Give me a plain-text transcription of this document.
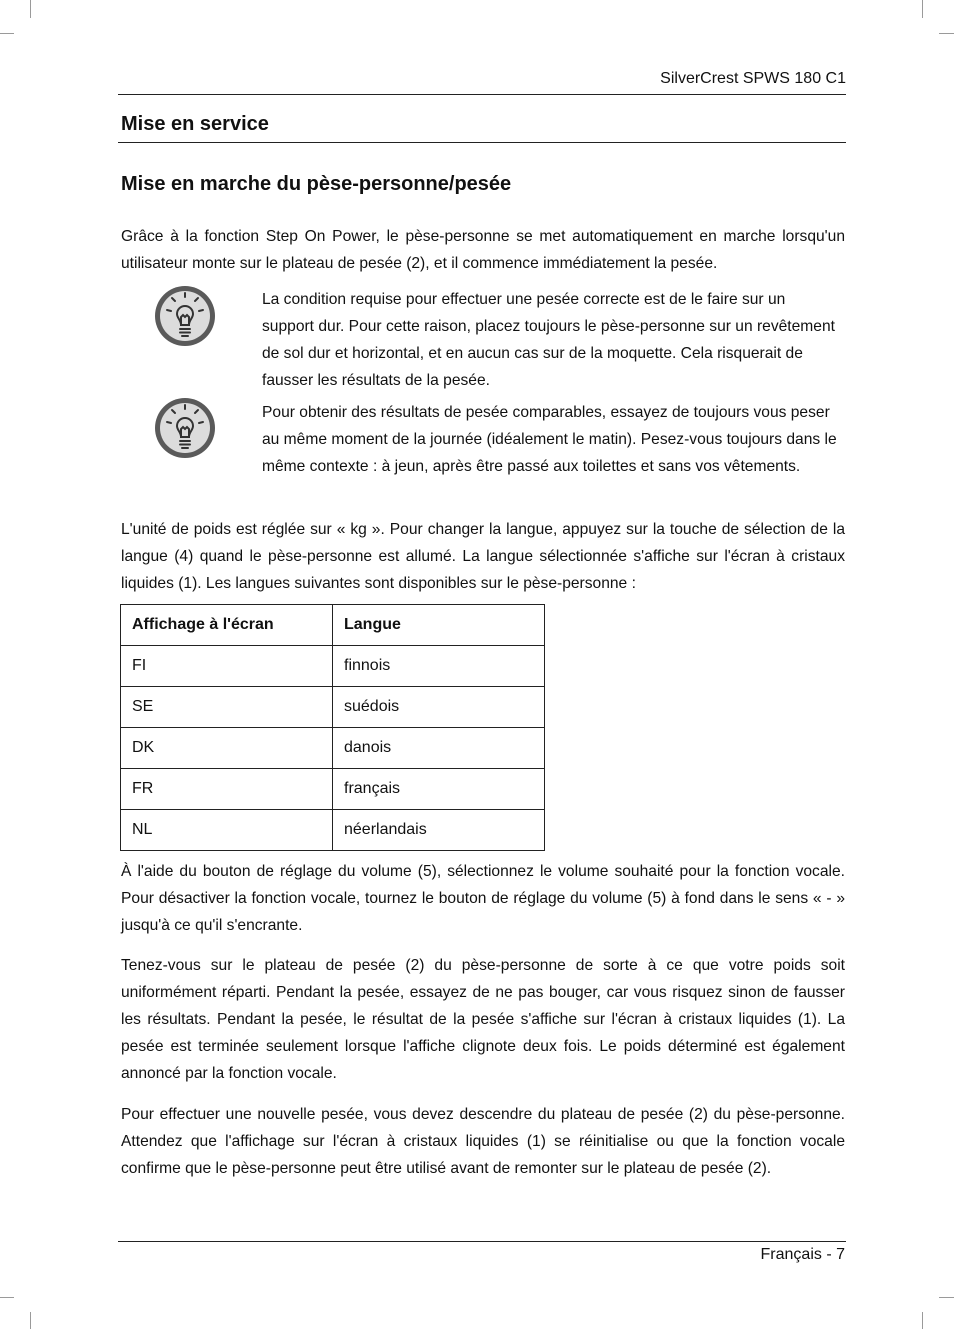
SilverCrest SPWS 180 C1
Mise en service
Mise en marche du pèse-personne/pesée

Grâce à la fonction Step On Power, le pèse-personne se met automatiquement en marche lorsqu'un utilisateur monte sur le plateau de pesée (2), et il commence immédiatement la pesée.

La condition requise pour effectuer une pesée correcte est de le faire sur un support dur. Pour cette raison, placez toujours le pèse-personne sur un revêtement de sol dur et horizontal, et en aucun cas sur de la moquette. Cela risquerait de fausser les résultats de la pesée.

Pour obtenir des résultats de pesée comparables, essayez de toujours vous peser au même moment de la journée (idéalement le matin). Pesez-vous toujours dans le même contexte : à jeun, après être passé aux toilettes et sans vos vêtements.

L'unité de poids est réglée sur « kg ». Pour changer la langue, appuyez sur la touche de sélection de la langue (4) quand le pèse-personne est allumé. La langue sélectionnée s'affiche sur l'écran à cristaux liquides (1). Les langues suivantes sont disponibles sur le pèse-personne :

Affichage à l'écran	Langue
FI	finnois
SE	suédois
DK	danois
FR	français
NL	néerlandais

À l'aide du bouton de réglage du volume (5), sélectionnez le volume souhaité pour la fonction vocale. Pour désactiver la fonction vocale, tournez le bouton de réglage du volume (5) à fond dans le sens « - » jusqu'à ce qu'il s'encrante.

Tenez-vous sur le plateau de pesée (2) du pèse-personne de sorte à ce que votre poids soit uniformément réparti. Pendant la pesée, essayez de ne pas bouger, car vous risquez sinon de fausser les résultats. Pendant la pesée, le résultat de la pesée s'affiche sur l'écran à cristaux liquides (1). La pesée est terminée seulement lorsque l'affiche clignote deux fois. Le poids déterminé est également annoncé par la fonction vocale.

Pour effectuer une nouvelle pesée, vous devez descendre du plateau de pesée (2) du pèse-personne. Attendez que l'affichage sur l'écran à cristaux liquides (1) se réinitialise ou que la fonction vocale confirme que le pèse-personne peut être utilisé avant de remonter sur le plateau de pesée (2).

Français - 7
